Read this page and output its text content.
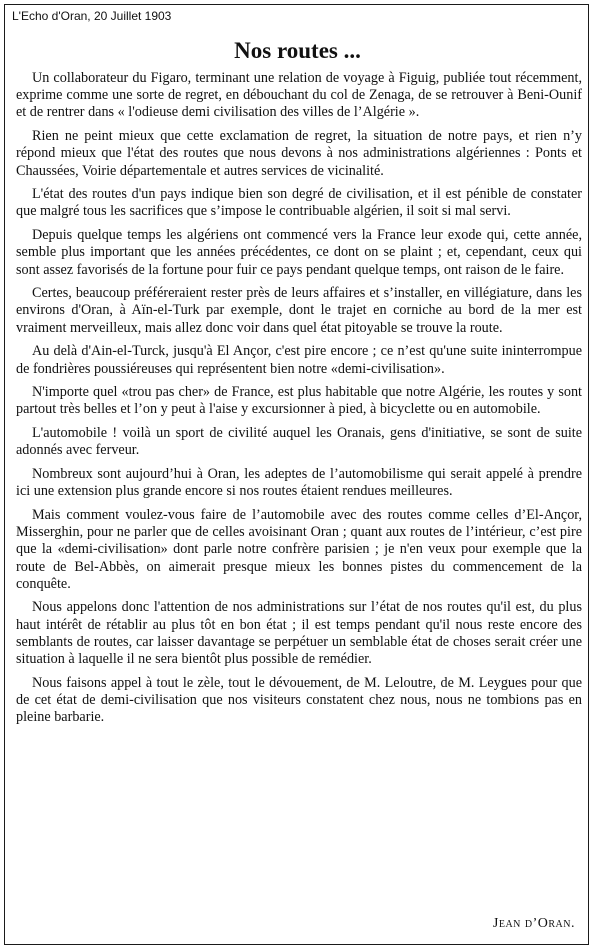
L'Echo d'Oran, 20 Juillet 1903
Nos routes ...

Un collaborateur du Figaro, terminant une relation de voyage à Figuig, publiée tout récemment, exprime comme une sorte de regret, en débouchant du col de Zenaga, de se retrouver à Beni-Ounif et de rentrer dans « l'odieuse demi civilisation des villes de l’Algérie ».

Rien ne peint mieux que cette exclamation de regret, la situation de notre pays, et rien n’y répond mieux que l'état des routes que nous devons à nos administrations algériennes : Ponts et Chaussées, Voirie départementale et autres services de vicinalité.

L'état des routes d'un pays indique bien son degré de civilisation, et il est pénible de constater que malgré tous les sacrifices que s’impose le contribuable algérien, il soit si mal servi.

Depuis quelque temps les algériens ont commencé vers la France leur exode qui, cette année, semble plus important que les années précédentes, ce dont on se plaint ; et, cependant, ceux qui sont assez favorisés de la fortune pour fuir ce pays pendant quelque temps, ont raison de le faire.

Certes, beaucoup préféreraient rester près de leurs affaires et s’installer, en villégiature, dans les environs d'Oran, à Aïn-el-Turk par exemple, dont le trajet en corniche au bord de la mer est vraiment merveilleux, mais allez donc voir dans quel état pitoyable se trouve la route.

Au delà d'Ain-el-Turck, jusqu'à El Ançor, c'est pire encore ; ce n’est qu'une suite ininterrompue de fondrières poussiéreuses qui représentent bien notre «demi-civilisation».

N'importe quel «trou pas cher» de France, est plus habitable que notre Algérie, les routes y sont partout très belles et l’on y peut à l'aise y excursionner à pied, à bicyclette ou en automobile.

L'automobile ! voilà un sport de civilité auquel les Oranais, gens d'initiative, se sont de suite adonnés avec ferveur.

Nombreux sont aujourd’hui à Oran, les adeptes de l’automobilisme qui serait appelé à prendre ici une extension plus grande encore si nos routes étaient rendues meilleures.

Mais comment voulez-vous faire de l’automobile avec des routes comme celles d’El-Ançor, Misserghin, pour ne parler que de celles avoisinant Oran ; quant aux routes de l’intérieur, c’est pire que la «demi-civilisation» dont parle notre confrère parisien ; je n'en veux pour exemple que la route de Bel-Abbès, on aimerait presque mieux les bonnes pistes du commencement de la conquête.

Nous appelons donc l'attention de nos administrations sur l’état de nos routes qu'il est, du plus haut intérêt de rétablir au plus tôt en bon état ; il est temps pendant qu'il nous reste encore des semblants de routes, car laisser davantage se perpétuer un semblable état de choses serait créer une situation à laquelle il ne sera bientôt plus possible de remédier.

Nous faisons appel à tout le zèle, tout le dévouement, de M. Leloutre, de M. Leygues pour que de cet état de demi-civilisation que nos visiteurs constatent chez nous, nous ne tombions pas en pleine barbarie.

Jean d’Oran.
